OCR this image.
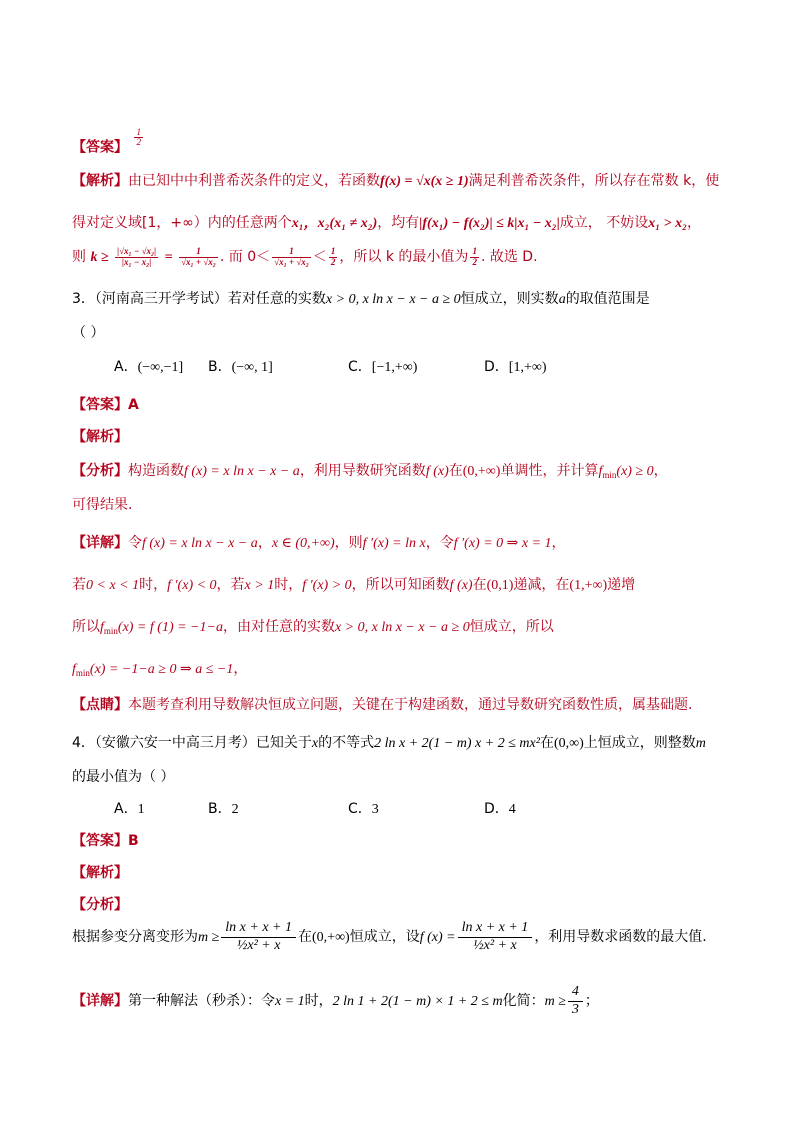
【答案】 $\frac{1}{2}$
【解析】由已知中中利普希茨条件的定义，若函数f(x) = √x(x ≥ 1)满足利普希茨条件，所以存在常数 k，使
得对定义域[1，+∞）内的任意两个x₁，x₂(x₁ ≠ x₂)，均有|f(x₁) − f(x₂)| ≤ k|x₁ − x₂|成立， 不妨设x₁ > x₂，
则 $k \ge \frac{\text{|√x₁ − √x₂|}}{\text{|x₁ − x₂|}} = \frac{1}{\text{√x₁ + √x₂}}$ . 而 $0< \frac{1}{\text{√x₁ + √x₂}} < \frac{1}{2}$ ，所以 k 的最小值为 $\frac{1}{2}$ . 故选 D.
3．（河南高三开学考试）若对任意的实数x > 0, x ln x − x − a ≥ 0恒成立，则实数a的取值范围是
（ ）
A．(−∞,−1] B．(−∞, 1]	C．[−1,+∞)	D．[1,+∞)
【答案】A
【解析】
【分析】构造函数f (x) = x ln x − x − a，利用导数研究函数f (x)在(0,+∞)单调性，并计算$f_{min}(x) \ge 0$，
可得结果.
【详解】令f (x) = x ln x − x − a，x ∈ (0,+∞)，则f ′(x) = ln x，令f ′(x) = 0 ⇒ x = 1，
若0 < x < 1时，f ′(x) < 0，若x > 1时，f ′(x) > 0，所以可知函数f (x)在(0,1)递减，在(1,+∞)递增
所以$f_{min}(x) = f$ (1) = −1−a，由对任意的实数x > 0, x ln x − x − a ≥ 0恒成立，所以
$f_{min}(x) = -1-a \ge 0$ ⇒ a ≤ −1，
【点睛】本题考查利用导数解决恒成立问题，关键在于构建函数，通过导数研究函数性质，属基础题.
4．（安徽六安一中高三月考）已知关于x的不等式2 ln x + 2(1 − m) x + 2 ≤ mx²在(0,∞)上恒成立，则整数m
的最小值为（ ）
A．1	B．2	C．3	D．4
【答案】B
【解析】
【分析】
根据参变分离变形为$m \ge \frac{\text{ln x + x + 1}}{\text{½x² + x}}$ 在(0,+∞)恒成立，设f $(x) = \frac{\text{ln x + x + 1}}{\text{½x² + x}}$ ，利用导数求函数的最大值.
【详解】第一种解法（秒杀）：令x = 1时，2 ln 1 + 2(1 − m) × 1 + 2 ≤ m化简：$m \ge \frac{4}{3}$ ；
